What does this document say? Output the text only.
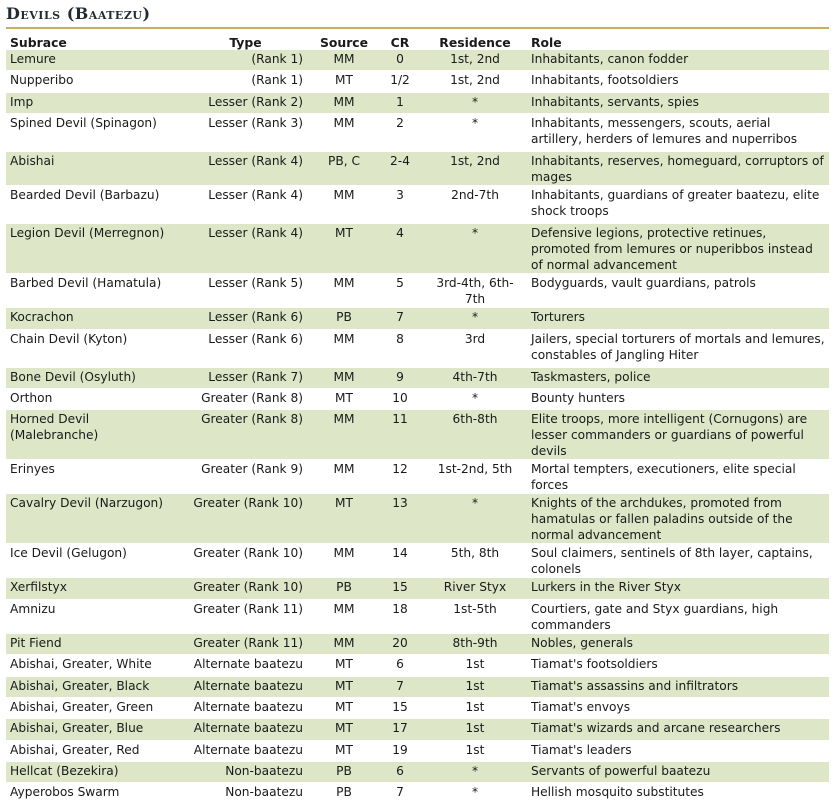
Devils (Baatezu)
Subrace	Type	Source	CR	Residence	Role
Lemure	(Rank 1)	MM	0	1st, 2nd	Inhabitants, canon fodder
Nupperibo	(Rank 1)	MT	1/2	1st, 2nd	Inhabitants, footsoldiers
Imp	Lesser (Rank 2)	MM	1	*	Inhabitants, servants, spies
Spined Devil (Spinagon)	Lesser (Rank 3)	MM	2	*	Inhabitants, messengers, scouts, aerial artillery, herders of lemures and nuperribos
Abishai	Lesser (Rank 4)	PB, C	2-4	1st, 2nd	Inhabitants, reserves, homeguard, corruptors of mages
Bearded Devil (Barbazu)	Lesser (Rank 4)	MM	3	2nd-7th	Inhabitants, guardians of greater baatezu, elite shock troops
Legion Devil (Merregnon)	Lesser (Rank 4)	MT	4	*	Defensive legions, protective retinues, promoted from lemures or nuperibbos instead of normal advancement
Barbed Devil (Hamatula)	Lesser (Rank 5)	MM	5	3rd-4th, 6th-7th	Bodyguards, vault guardians, patrols
Kocrachon	Lesser (Rank 6)	PB	7	*	Torturers
Chain Devil (Kyton)	Lesser (Rank 6)	MM	8	3rd	Jailers, special torturers of mortals and lemures, constables of Jangling Hiter
Bone Devil (Osyluth)	Lesser (Rank 7)	MM	9	4th-7th	Taskmasters, police
Orthon	Greater (Rank 8)	MT	10	*	Bounty hunters
Horned Devil (Malebranche)	Greater (Rank 8)	MM	11	6th-8th	Elite troops, more intelligent (Cornugons) are lesser commanders or guardians of powerful devils
Erinyes	Greater (Rank 9)	MM	12	1st-2nd, 5th	Mortal tempters, executioners, elite special forces
Cavalry Devil (Narzugon)	Greater (Rank 10)	MT	13	*	Knights of the archdukes, promoted from hamatulas or fallen paladins outside of the normal advancement
Ice Devil (Gelugon)	Greater (Rank 10)	MM	14	5th, 8th	Soul claimers, sentinels of 8th layer, captains, colonels
Xerfilstyx	Greater (Rank 10)	PB	15	River Styx	Lurkers in the River Styx
Amnizu	Greater (Rank 11)	MM	18	1st-5th	Courtiers, gate and Styx guardians, high commanders
Pit Fiend	Greater (Rank 11)	MM	20	8th-9th	Nobles, generals
Abishai, Greater, White	Alternate baatezu	MT	6	1st	Tiamat's footsoldiers
Abishai, Greater, Black	Alternate baatezu	MT	7	1st	Tiamat's assassins and infiltrators
Abishai, Greater, Green	Alternate baatezu	MT	15	1st	Tiamat's envoys
Abishai, Greater, Blue	Alternate baatezu	MT	17	1st	Tiamat's wizards and arcane researchers
Abishai, Greater, Red	Alternate baatezu	MT	19	1st	Tiamat's leaders
Hellcat (Bezekira)	Non-baatezu	PB	6	*	Servants of powerful baatezu
Ayperobos Swarm	Non-baatezu	PB	7	*	Hellish mosquito substitutes
